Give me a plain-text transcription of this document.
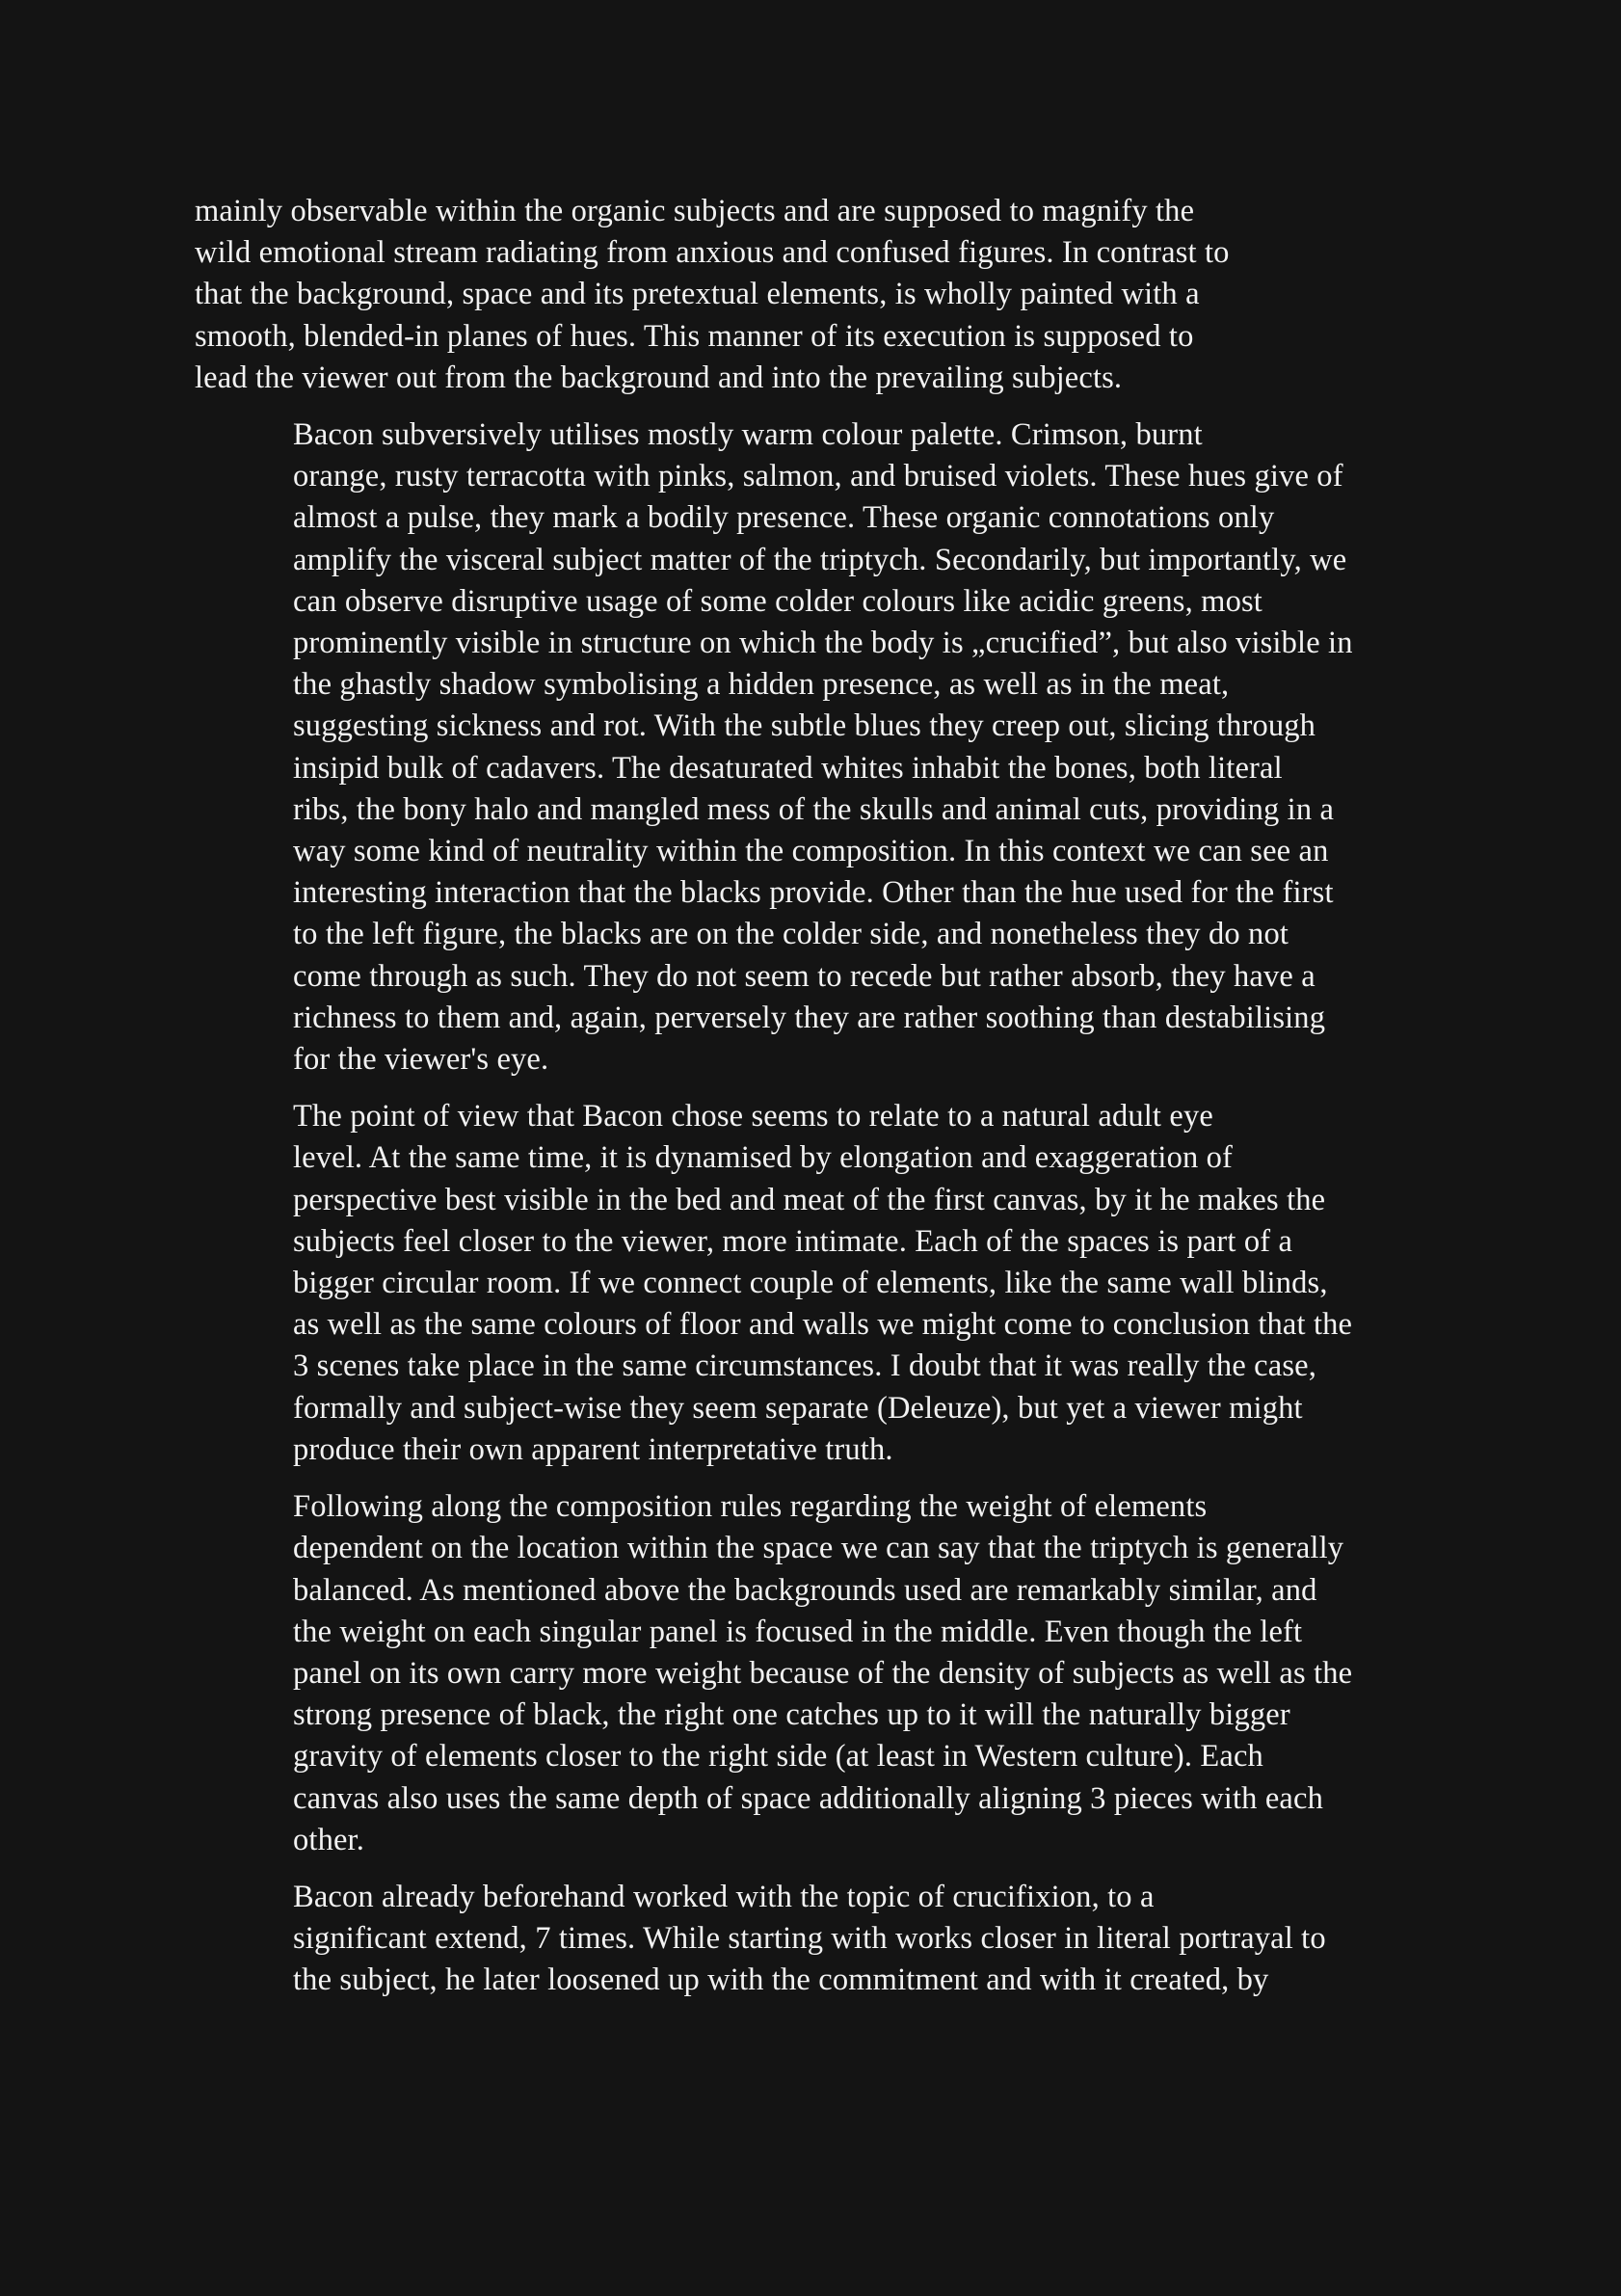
mainly observable within the organic subjects and are supposed to magnify the
wild emotional stream radiating from anxious and confused figures. In contrast to
that the background, space and its pretextual elements, is wholly painted with a
smooth, blended-in planes of hues. This manner of its execution is supposed to
lead the viewer out from the background and into the prevailing subjects.

Bacon subversively utilises mostly warm colour palette. Crimson, burnt
orange, rusty terracotta with pinks, salmon, and bruised violets. These hues give of
almost a pulse, they mark a bodily presence. These organic connotations only
amplify the visceral subject matter of the triptych. Secondarily, but importantly, we
can observe disruptive usage of some colder colours like acidic greens, most
prominently visible in structure on which the body is „crucified”, but also visible in
the ghastly shadow symbolising a hidden presence, as well as in the meat,
suggesting sickness and rot. With the subtle blues they creep out, slicing through
insipid bulk of cadavers. The desaturated whites inhabit the bones, both literal
ribs, the bony halo and mangled mess of the skulls and animal cuts, providing in a
way some kind of neutrality within the composition. In this context we can see an
interesting interaction that the blacks provide. Other than the hue used for the first
to the left figure, the blacks are on the colder side, and nonetheless they do not
come through as such. They do not seem to recede but rather absorb, they have a
richness to them and, again, perversely they are rather soothing than destabilising
for the viewer's eye.

The point of view that Bacon chose seems to relate to a natural adult eye
level. At the same time, it is dynamised by elongation and exaggeration of
perspective best visible in the bed and meat of the first canvas, by it he makes the
subjects feel closer to the viewer, more intimate. Each of the spaces is part of a
bigger circular room. If we connect couple of elements, like the same wall blinds,
as well as the same colours of floor and walls we might come to conclusion that the
3 scenes take place in the same circumstances. I doubt that it was really the case,
formally and subject-wise they seem separate (Deleuze), but yet a viewer might
produce their own apparent interpretative truth.

Following along the composition rules regarding the weight of elements
dependent on the location within the space we can say that the triptych is generally
balanced. As mentioned above the backgrounds used are remarkably similar, and
the weight on each singular panel is focused in the middle. Even though the left
panel on its own carry more weight because of the density of subjects as well as the
strong presence of black, the right one catches up to it will the naturally bigger
gravity of elements closer to the right side (at least in Western culture). Each
canvas also uses the same depth of space additionally aligning 3 pieces with each
other.

Bacon already beforehand worked with the topic of crucifixion, to a
significant extend, 7 times. While starting with works closer in literal portrayal to
the subject, he later loosened up with the commitment and with it created, by
